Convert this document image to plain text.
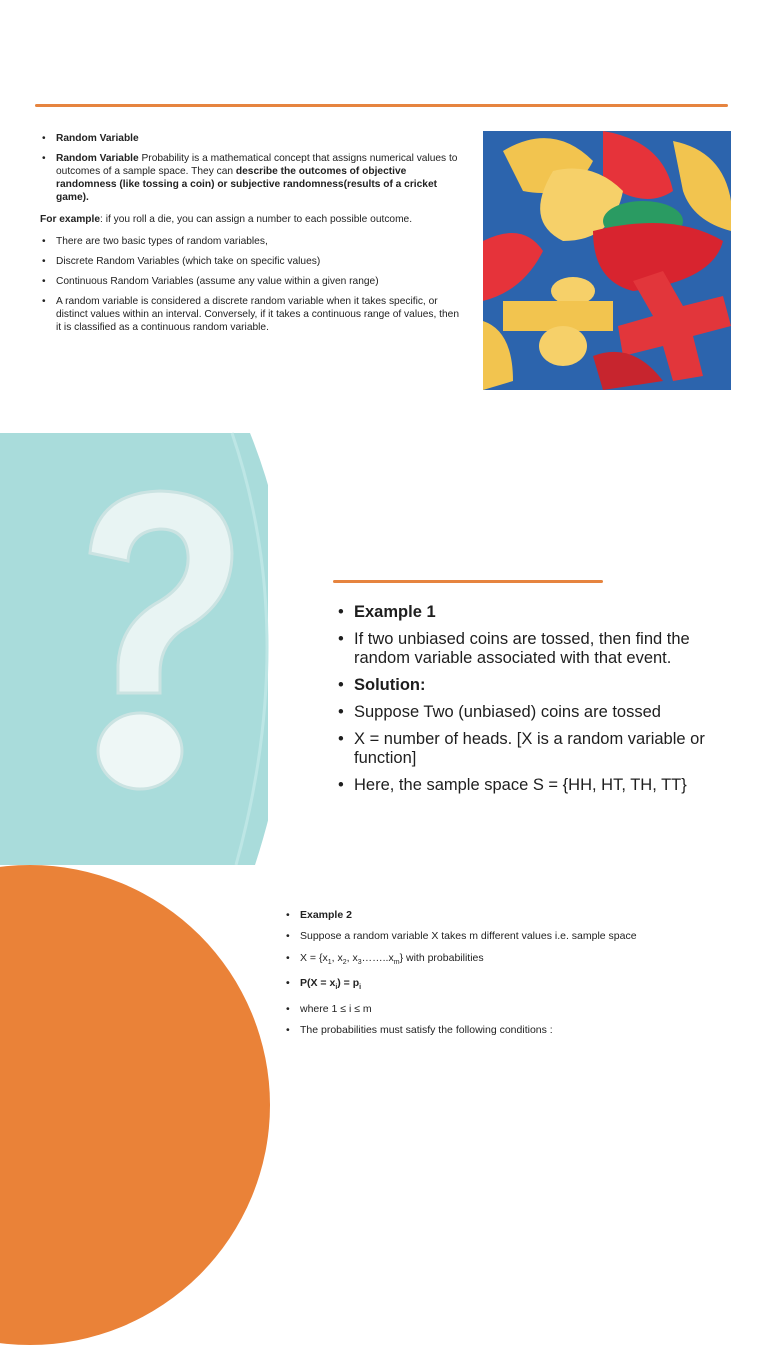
• Random Variable
• Random Variable Probability is a mathematical concept that assigns numerical values to outcomes of a sample space. They can describe the outcomes of objective randomness (like tossing a coin) or subjective randomness(results of a cricket game).
For example: if you roll a die, you can assign a number to each possible outcome.
• There are two basic types of random variables,
• Discrete Random Variables (which take on specific values)
• Continuous Random Variables (assume any value within a given range)
• A random variable is considered a discrete random variable when it takes specific, or distinct values within an interval. Conversely, if it takes a continuous range of values, then it is classified as a continuous random variable.
• Example 1
• If two unbiased coins are tossed, then find the random variable associated with that event.
• Solution:
• Suppose Two (unbiased) coins are tossed
• X = number of heads. [X is a random variable or function]
• Here, the sample space S = {HH, HT, TH, TT}
• Example 2
• Suppose a random variable X takes m different values i.e. sample space
• $X = \{x_1$, $x_2$, $x_3\dots\dots..x_m$} with probabilities
• $P(X = x_i) = p_i$
• where 1 ≤ i ≤ m
• The probabilities must satisfy the following conditions :
